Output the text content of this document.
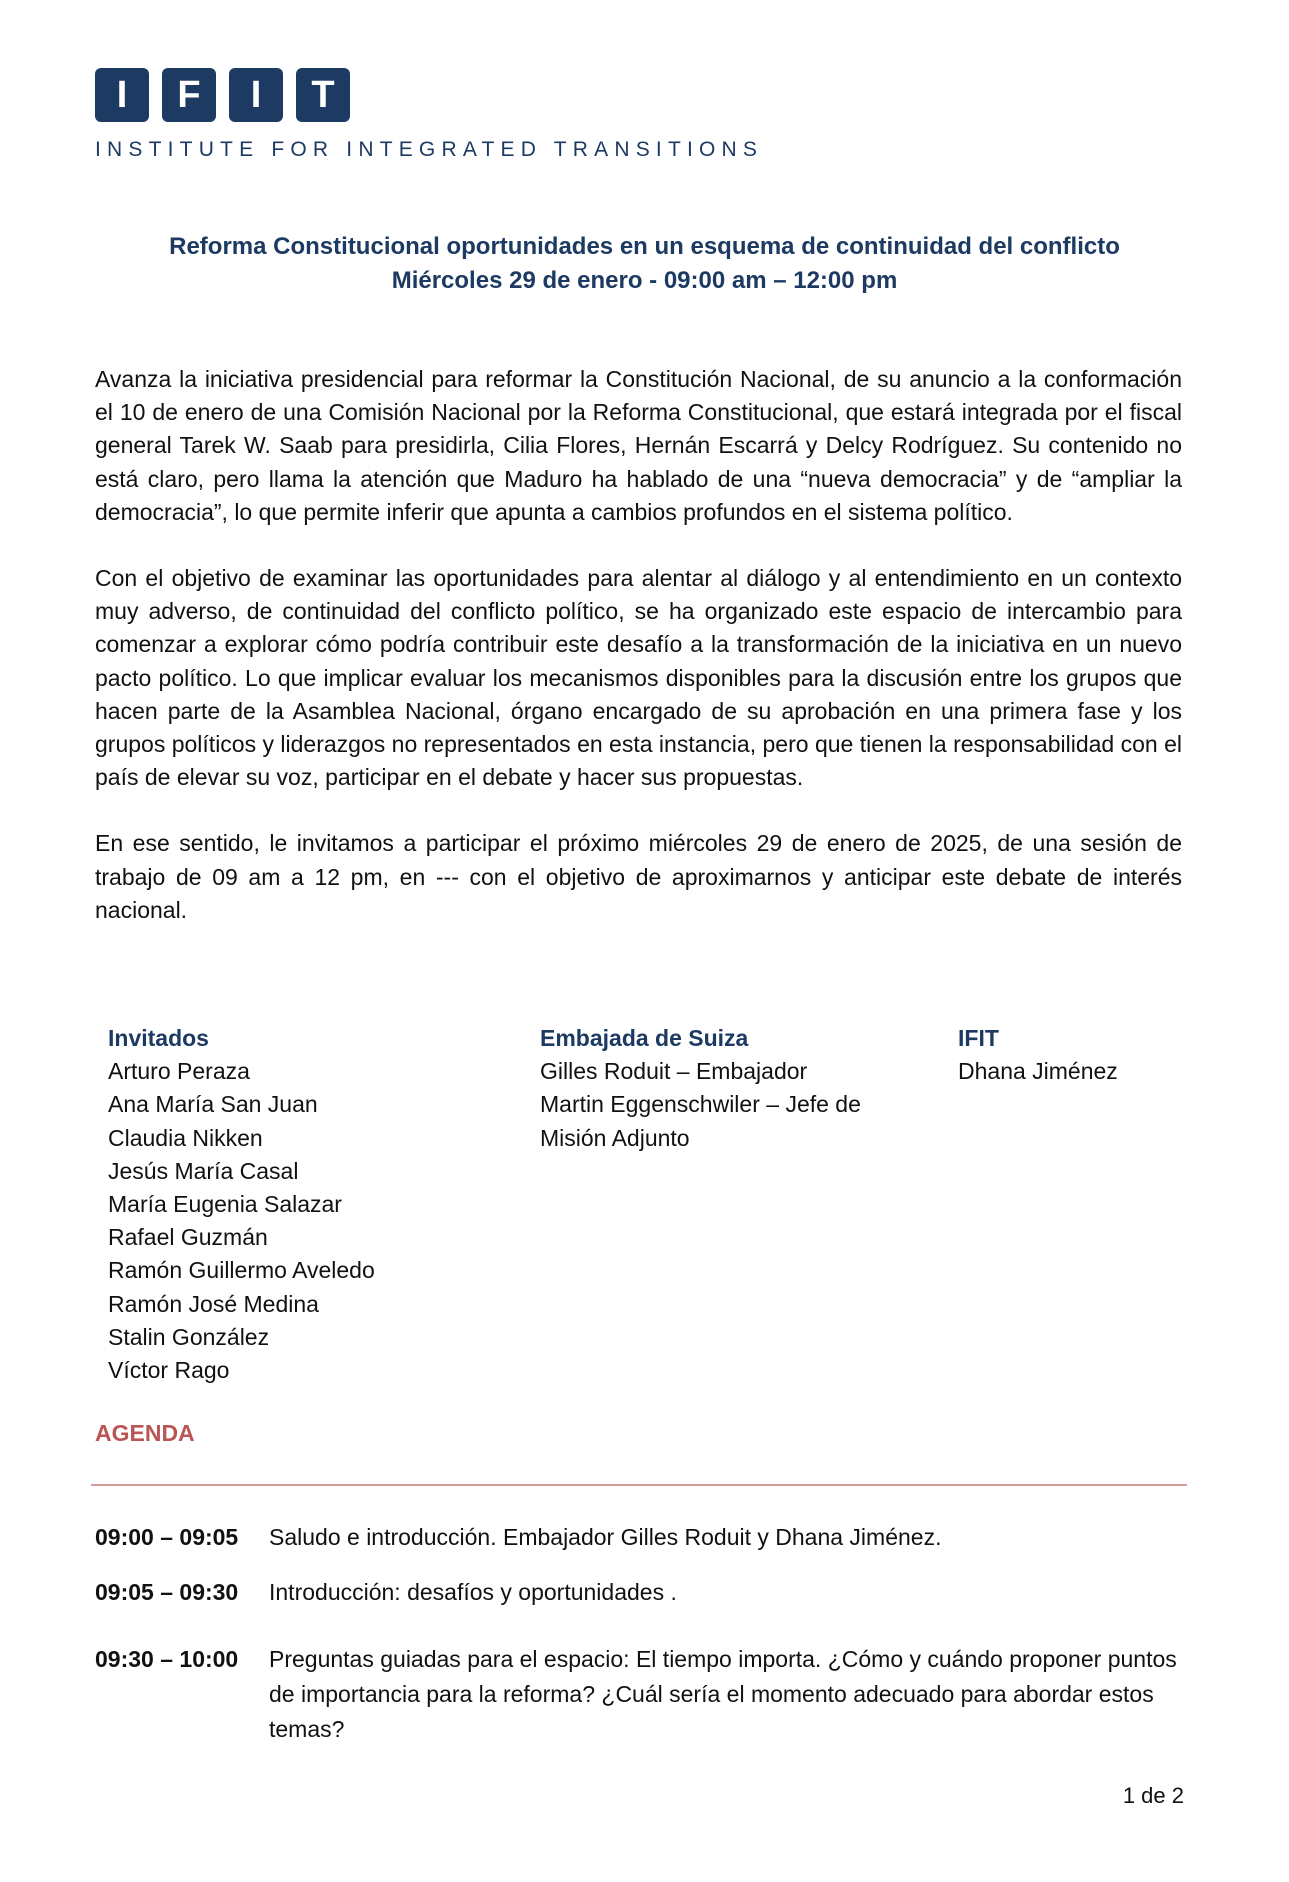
I	F	I	T
INSTITUTE FOR INTEGRATED TRANSITIONS
Reforma Constitucional oportunidades en un esquema de continuidad del conflicto
Miércoles 29 de enero - 09:00 am – 12:00 pm

Avanza la iniciativa presidencial para reformar la Constitución Nacional, de su anuncio a la conformación el 10 de enero de una Comisión Nacional por la Reforma Constitucional, que estará integrada por el fiscal general Tarek W. Saab para presidirla, Cilia Flores, Hernán Escarrá y Delcy Rodríguez. Su contenido no está claro, pero llama la atención que Maduro ha hablado de una “nueva democracia” y de “ampliar la democracia”, lo que permite inferir que apunta a cambios profundos en el sistema político.

Con el objetivo de examinar las oportunidades para alentar al diálogo y al entendimiento en un contexto muy adverso, de continuidad del conflicto político, se ha organizado este espacio de intercambio para comenzar a explorar cómo podría contribuir este desafío a la transformación de la iniciativa en un nuevo pacto político. Lo que implicar evaluar los mecanismos disponibles para la discusión entre los grupos que hacen parte de la Asamblea Nacional, órgano encargado de su aprobación en una primera fase y los grupos políticos y liderazgos no representados en esta instancia, pero que tienen la responsabilidad con el país de elevar su voz, participar en el debate y hacer sus propuestas.

En ese sentido, le invitamos a participar el próximo miércoles 29 de enero de 2025, de una sesión de trabajo de 09 am a 12 pm, en --- con el objetivo de aproximarnos y anticipar este debate de interés nacional.

Invitados
Arturo Peraza
Ana María San Juan
Claudia Nikken
Jesús María Casal
María Eugenia Salazar
Rafael Guzmán
Ramón Guillermo Aveledo
Ramón José Medina
Stalin González
Víctor Rago
Embajada de Suiza
Gilles Roduit – Embajador
Martin Eggenschwiler – Jefe de Misión Adjunto
IFIT
Dhana Jiménez
AGENDA
09:00 – 09:05	Saludo e introducción. Embajador Gilles Roduit y Dhana Jiménez.
09:05 – 09:30	Introducción: desafíos y oportunidades .
09:30 – 10:00	Preguntas guiadas para el espacio: El tiempo importa. ¿Cómo y cuándo proponer puntos de importancia para la reforma? ¿Cuál sería el momento adecuado para abordar estos temas?
1 de 2
